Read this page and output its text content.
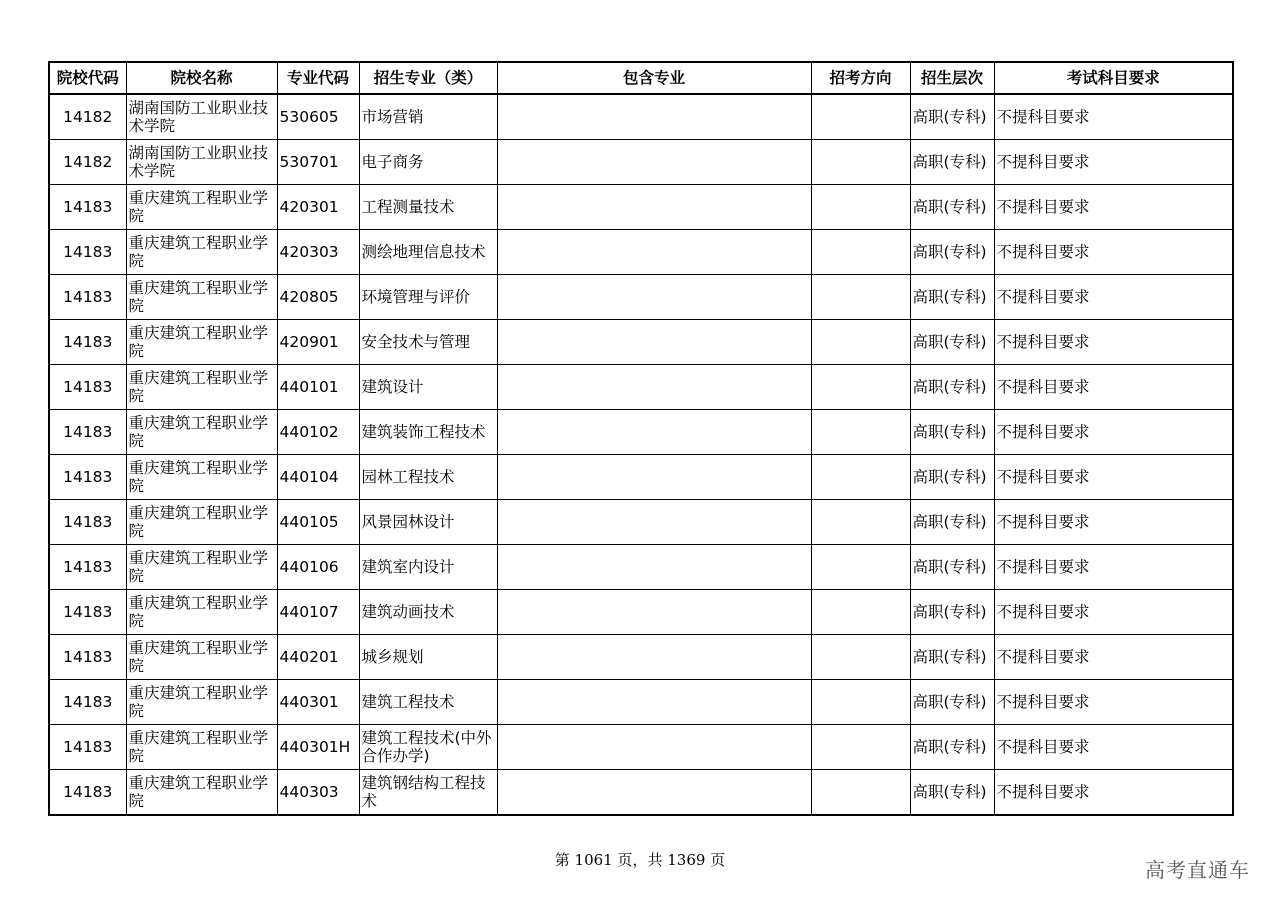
院校代码	院校名称	专业代码	招生专业（类）	包含专业	招考方向	招生层次	考试科目要求
14182	湖南国防工业职业技术学院	530605	市场营销			高职(专科)	不提科目要求
14182	湖南国防工业职业技术学院	530701	电子商务			高职(专科)	不提科目要求
14183	重庆建筑工程职业学院	420301	工程测量技术			高职(专科)	不提科目要求
14183	重庆建筑工程职业学院	420303	测绘地理信息技术			高职(专科)	不提科目要求
14183	重庆建筑工程职业学院	420805	环境管理与评价			高职(专科)	不提科目要求
14183	重庆建筑工程职业学院	420901	安全技术与管理			高职(专科)	不提科目要求
14183	重庆建筑工程职业学院	440101	建筑设计			高职(专科)	不提科目要求
14183	重庆建筑工程职业学院	440102	建筑装饰工程技术			高职(专科)	不提科目要求
14183	重庆建筑工程职业学院	440104	园林工程技术			高职(专科)	不提科目要求
14183	重庆建筑工程职业学院	440105	风景园林设计			高职(专科)	不提科目要求
14183	重庆建筑工程职业学院	440106	建筑室内设计			高职(专科)	不提科目要求
14183	重庆建筑工程职业学院	440107	建筑动画技术			高职(专科)	不提科目要求
14183	重庆建筑工程职业学院	440201	城乡规划			高职(专科)	不提科目要求
14183	重庆建筑工程职业学院	440301	建筑工程技术			高职(专科)	不提科目要求
14183	重庆建筑工程职业学院	440301H	建筑工程技术(中外合作办学)			高职(专科)	不提科目要求
14183	重庆建筑工程职业学院	440303	建筑钢结构工程技术			高职(专科)	不提科目要求
第 1061 页，共 1369 页	高考直通车
